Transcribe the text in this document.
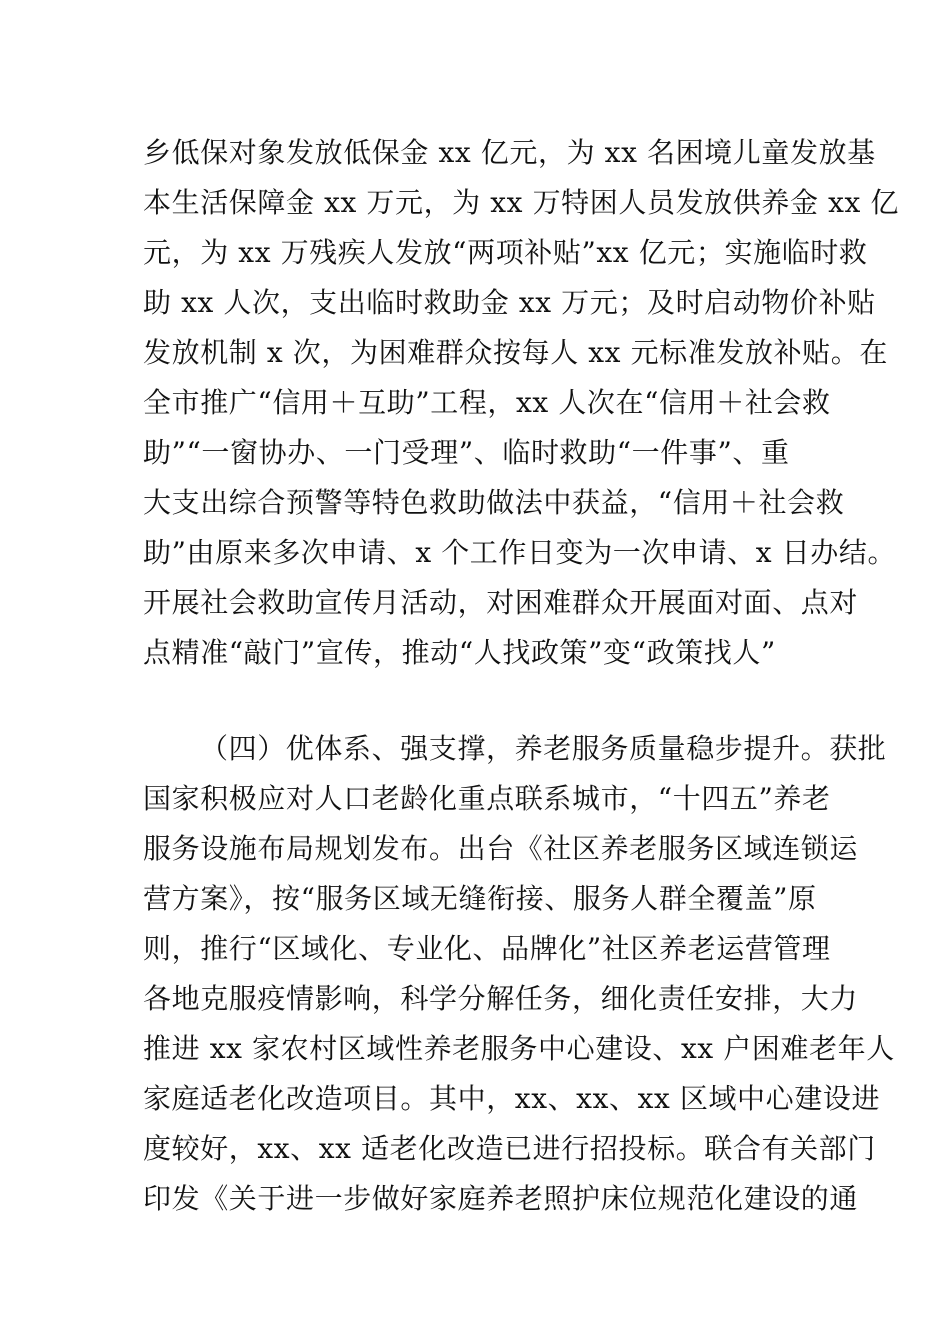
乡低保对象发放低保金 xx 亿元，为 xx 名困境儿童发放基

本生活保障金 xx 万元，为 xx 万特困人员发放供养金 xx 亿

元，为 xx 万残疾人发放“两项补贴”xx 亿元；实施临时救

助 xx 人次，支出临时救助金 xx 万元；及时启动物价补贴

发放机制 x 次，为困难群众按每人 xx 元标准发放补贴。在

全市推广“信用＋互助”工程，xx 人次在“信用＋社会救

助”“一窗协办、一门受理”、临时救助“一件事”、重

大支出综合预警等特色救助做法中获益，“信用＋社会救

助”由原来多次申请、x 个工作日变为一次申请、x 日办结。

开展社会救助宣传月活动，对困难群众开展面对面、点对

点精准“敲门”宣传，推动“人找政策”变“政策找人”

（四）优体系、强支撑，养老服务质量稳步提升。获批

国家积极应对人口老龄化重点联系城市，“十四五”养老

服务设施布局规划发布。出台《社区养老服务区域连锁运

营方案》，按“服务区域无缝衔接、服务人群全覆盖”原

则，推行“区域化、专业化、品牌化”社区养老运营管理

各地克服疫情影响，科学分解任务，细化责任安排，大力

推进 xx 家农村区域性养老服务中心建设、xx 户困难老年人

家庭适老化改造项目。其中，xx、xx、xx 区域中心建设进

度较好，xx、xx 适老化改造已进行招投标。联合有关部门

印发《关于进一步做好家庭养老照护床位规范化建设的通
